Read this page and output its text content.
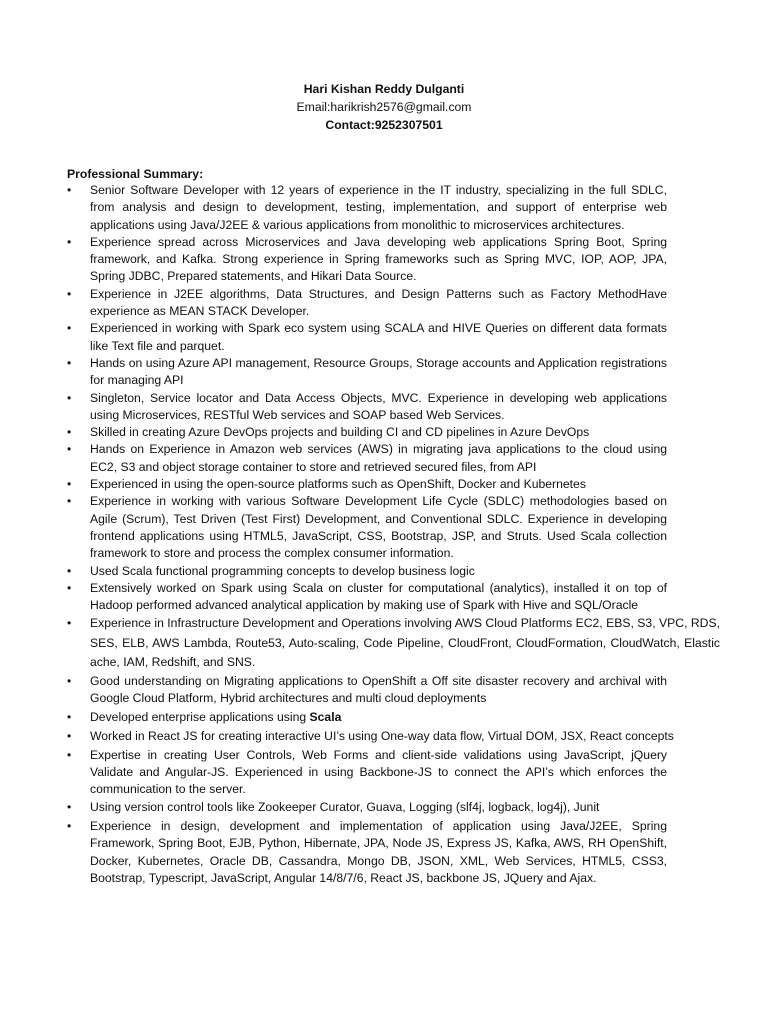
Hari Kishan Reddy Dulganti
Email:harikrish2576@gmail.com
Contact:9252307501
Professional Summary:
• Senior Software Developer with 12 years of experience in the IT industry, specializing in the full SDLC, from analysis and design to development, testing, implementation, and support of enterprise web applications using Java/J2EE & various applications from monolithic to microservices architectures.
• Experience spread across Microservices and Java developing web applications Spring Boot, Spring framework, and Kafka. Strong experience in Spring frameworks such as Spring MVC, IOP, AOP, JPA, Spring JDBC, Prepared statements, and Hikari Data Source.
• Experience in J2EE algorithms, Data Structures, and Design Patterns such as Factory MethodHave experience as MEAN STACK Developer.
• Experienced in working with Spark eco system using SCALA and HIVE Queries on different data formats like Text file and parquet.
• Hands on using Azure API management, Resource Groups, Storage accounts and Application registrations for managing API
• Singleton, Service locator and Data Access Objects, MVC. Experience in developing web applications using Microservices, RESTful Web services and SOAP based Web Services.
• Skilled in creating Azure DevOps projects and building CI and CD pipelines in Azure DevOps
• Hands on Experience in Amazon web services (AWS) in migrating java applications to the cloud using EC2, S3 and object storage container to store and retrieved secured files, from API
• Experienced in using the open-source platforms such as OpenShift, Docker and Kubernetes
• Experience in working with various Software Development Life Cycle (SDLC) methodologies based on Agile (Scrum), Test Driven (Test First) Development, and Conventional SDLC. Experience in developing frontend applications using HTML5, JavaScript, CSS, Bootstrap, JSP, and Struts. Used Scala collection framework to store and process the complex consumer information.
• Used Scala functional programming concepts to develop business logic
• Extensively worked on Spark using Scala on cluster for computational (analytics), installed it on top of Hadoop performed advanced analytical application by making use of Spark with Hive and SQL/Oracle
• Experience in Infrastructure Development and Operations involving AWS Cloud Platforms EC2, EBS, S3, VPC, RDS, SES, ELB, AWS Lambda, Route53, Auto-scaling, Code Pipeline, CloudFront, CloudFormation, CloudWatch, Elastic ache, IAM, Redshift, and SNS.
• Good understanding on Migrating applications to OpenShift a Off site disaster recovery and archival with Google Cloud Platform, Hybrid architectures and multi cloud deployments
• Developed enterprise applications using Scala
• Worked in React JS for creating interactive UI’s using One-way data flow, Virtual DOM, JSX, React concepts
• Expertise in creating User Controls, Web Forms and client-side validations using JavaScript, jQuery Validate and Angular-JS. Experienced in using Backbone-JS to connect the API’s which enforces the communication to the server.
• Using version control tools like Zookeeper Curator, Guava, Logging (slf4j, logback, log4j), Junit
• Experience in design, development and implementation of application using Java/J2EE, Spring Framework, Spring Boot, EJB, Python, Hibernate, JPA, Node JS, Express JS, Kafka, AWS, RH OpenShift, Docker, Kubernetes, Oracle DB, Cassandra, Mongo DB, JSON, XML, Web Services, HTML5, CSS3, Bootstrap, Typescript, JavaScript, Angular 14/8/7/6, React JS, backbone JS, JQuery and Ajax.
